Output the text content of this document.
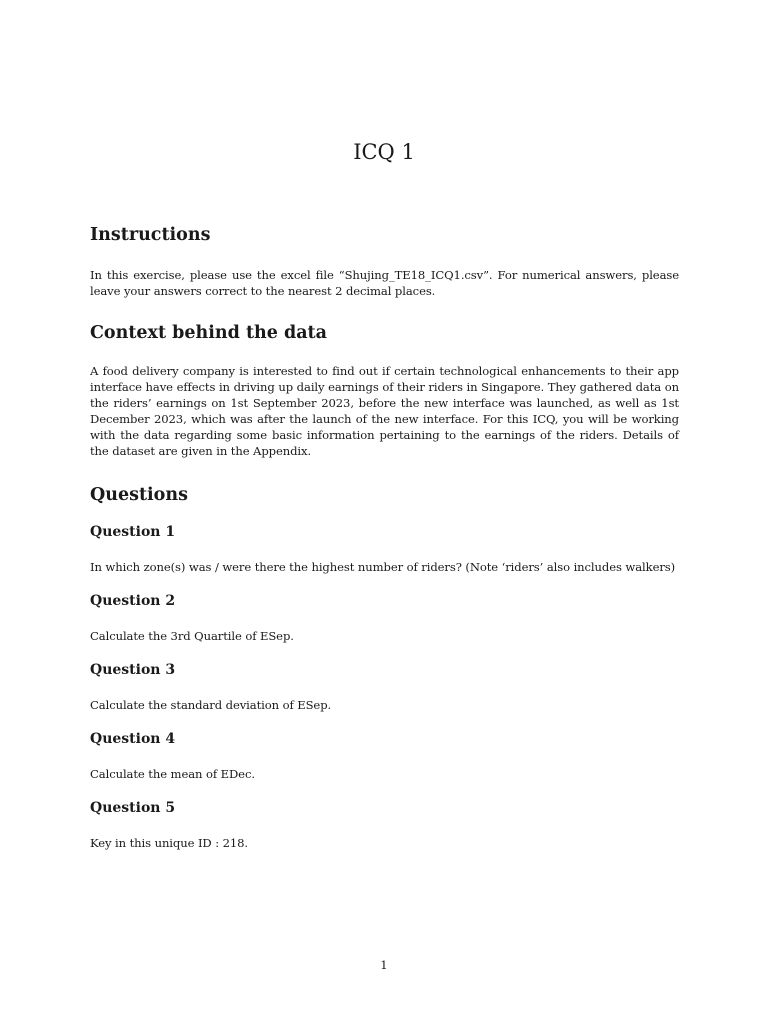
ICQ 1
Instructions

In this exercise, please use the excel file “Shujing_TE18_ICQ1.csv”. For numerical answers, please leave your answers correct to the nearest 2 decimal places.

Context behind the data

A food delivery company is interested to find out if certain technological enhancements to their app interface have effects in driving up daily earnings of their riders in Singapore. They gathered data on the riders’ earnings on 1st September 2023, before the new interface was launched, as well as 1st December 2023, which was after the launch of the new interface. For this ICQ, you will be working with the data regarding some basic information pertaining to the earnings of the riders. Details of the dataset are given in the Appendix.

Questions
Question 1

In which zone(s) was / were there the highest number of riders? (Note ‘riders’ also includes walkers)

Question 2

Calculate the 3rd Quartile of ESep.

Question 3

Calculate the standard deviation of ESep.

Question 4

Calculate the mean of EDec.

Question 5

Key in this unique ID : 218.

1
